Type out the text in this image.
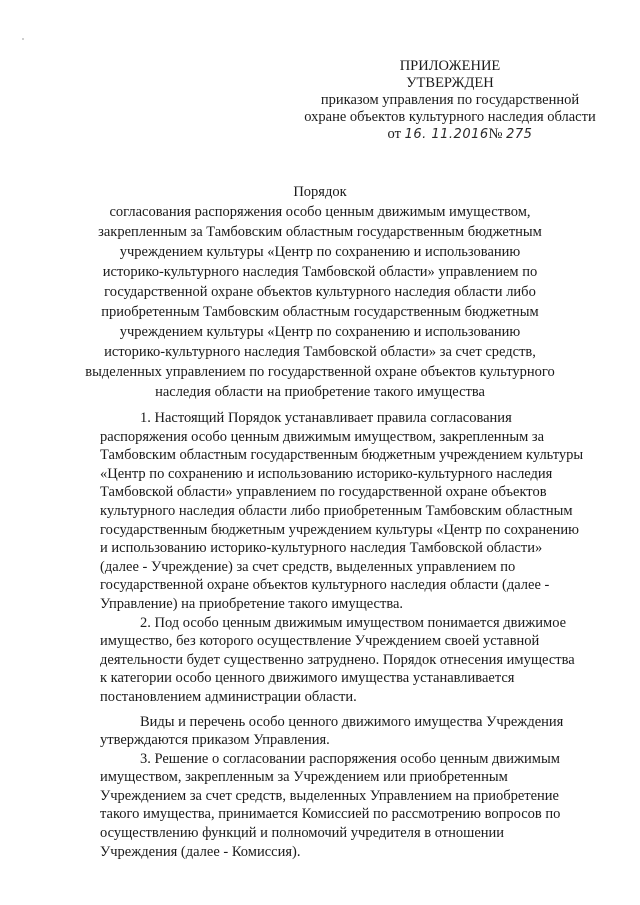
ПРИЛОЖЕНИЕ
УТВЕРЖДЕН
приказом управления по государственной
охране объектов культурного наследия области
от 16. 11.2016№ 275
Порядок
согласования распоряжения особо ценным движимым имуществом,
закрепленным за Тамбовским областным государственным бюджетным
учреждением культуры «Центр по сохранению и использованию
историко-культурного наследия Тамбовской области» управлением по
государственной охране объектов культурного наследия области либо
приобретенным Тамбовским областным государственным бюджетным
учреждением культуры «Центр по сохранению и использованию
историко-культурного наследия Тамбовской области» за счет средств,
выделенных управлением по государственной охране объектов культурного
наследия области на приобретение такого имущества
1. Настоящий Порядок устанавливает правила согласования
распоряжения особо ценным движимым имуществом, закрепленным за
Тамбовским областным государственным бюджетным учреждением культуры
«Центр по сохранению и использованию историко-культурного наследия
Тамбовской области» управлением по государственной охране объектов
культурного наследия области либо приобретенным Тамбовским областным
государственным бюджетным учреждением культуры «Центр по сохранению
и использованию историко-культурного наследия Тамбовской области»
(далее - Учреждение) за счет средств, выделенных управлением по
государственной охране объектов культурного наследия области (далее -
Управление) на приобретение такого имущества.
2. Под особо ценным движимым имуществом понимается движимое
имущество, без которого осуществление Учреждением своей уставной
деятельности будет существенно затруднено. Порядок отнесения имущества
к категории особо ценного движимого имущества устанавливается
постановлением администрации области.
Виды и перечень особо ценного движимого имущества Учреждения
утверждаются приказом Управления.
3. Решение о согласовании распоряжения особо ценным движимым
имуществом, закрепленным за Учреждением или приобретенным
Учреждением за счет средств, выделенных Управлением на приобретение
такого имущества, принимается Комиссией по рассмотрению вопросов по
осуществлению функций и полномочий учредителя в отношении
Учреждения (далее - Комиссия).
